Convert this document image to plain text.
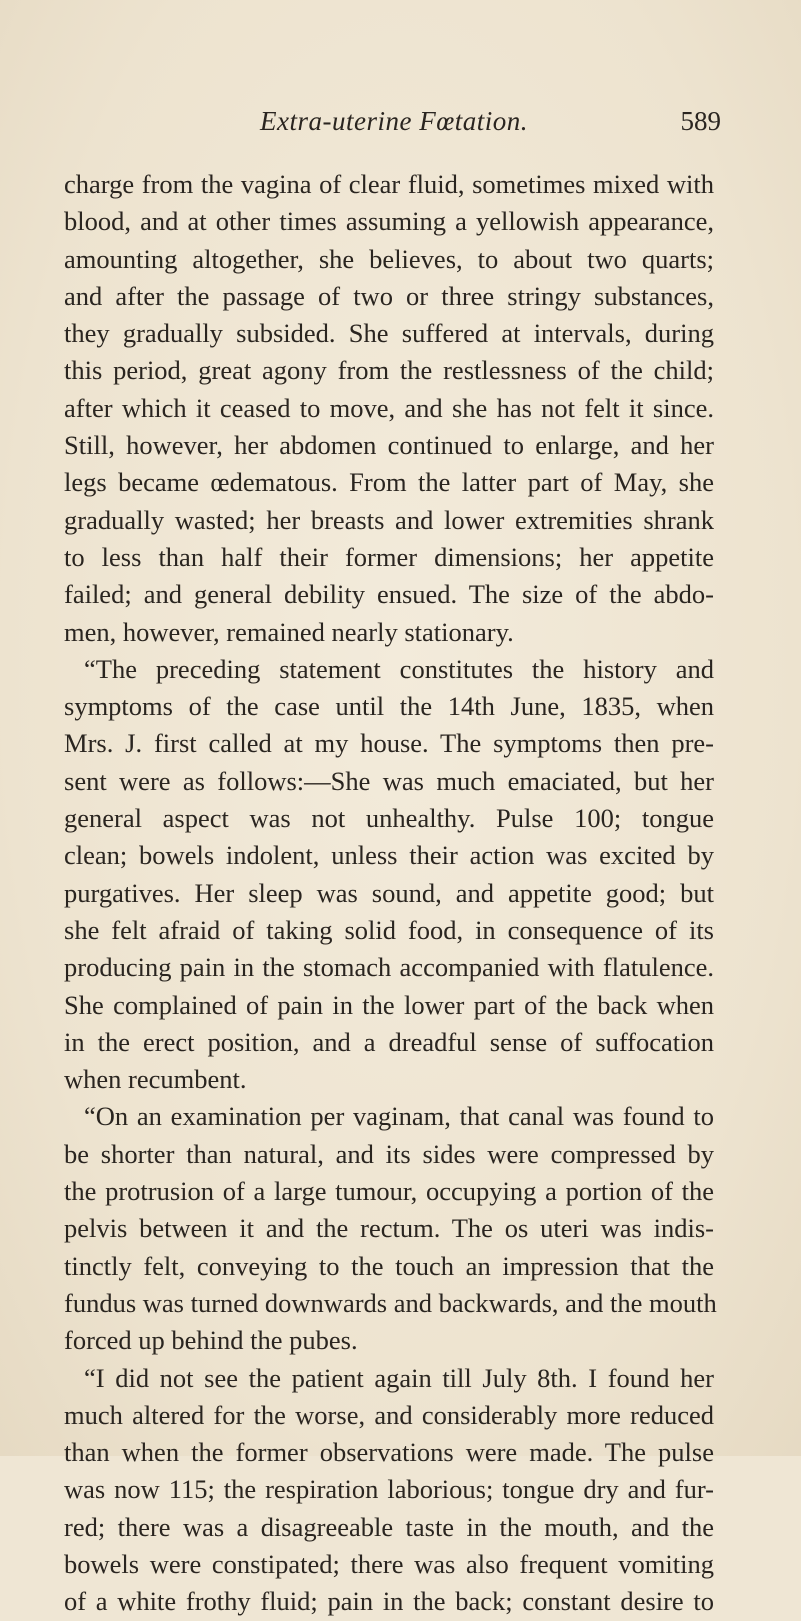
Extra-uterine Fœtation.	589
charge from the vagina of clear fluid, sometimes mixed with
blood, and at other times assuming a yellowish appearance,
amounting altogether, she believes, to about two quarts;
and after the passage of two or three stringy substances,
they gradually subsided. She suffered at intervals, during
this period, great agony from the restlessness of the child;
after which it ceased to move, and she has not felt it since.
Still, however, her abdomen continued to enlarge, and her
legs became œdematous. From the latter part of May, she
gradually wasted; her breasts and lower extremities shrank
to less than half their former dimensions; her appetite
failed; and general debility ensued. The size of the abdo-
men, however, remained nearly stationary.
“The preceding statement constitutes the history and
symptoms of the case until the 14th June, 1835, when
Mrs. J. first called at my house. The symptoms then pre-
sent were as follows:—She was much emaciated, but her
general aspect was not unhealthy. Pulse 100; tongue
clean; bowels indolent, unless their action was excited by
purgatives. Her sleep was sound, and appetite good; but
she felt afraid of taking solid food, in consequence of its
producing pain in the stomach accompanied with flatulence.
She complained of pain in the lower part of the back when
in the erect position, and a dreadful sense of suffocation
when recumbent.
“On an examination per vaginam, that canal was found to
be shorter than natural, and its sides were compressed by
the protrusion of a large tumour, occupying a portion of the
pelvis between it and the rectum. The os uteri was indis-
tinctly felt, conveying to the touch an impression that the
fundus was turned downwards and backwards, and the mouth
forced up behind the pubes.
“I did not see the patient again till July 8th. I found her
much altered for the worse, and considerably more reduced
than when the former observations were made. The pulse
was now 115; the respiration laborious; tongue dry and fur-
red; there was a disagreeable taste in the mouth, and the
bowels were constipated; there was also frequent vomiting
of a white frothy fluid; pain in the back; constant desire to
